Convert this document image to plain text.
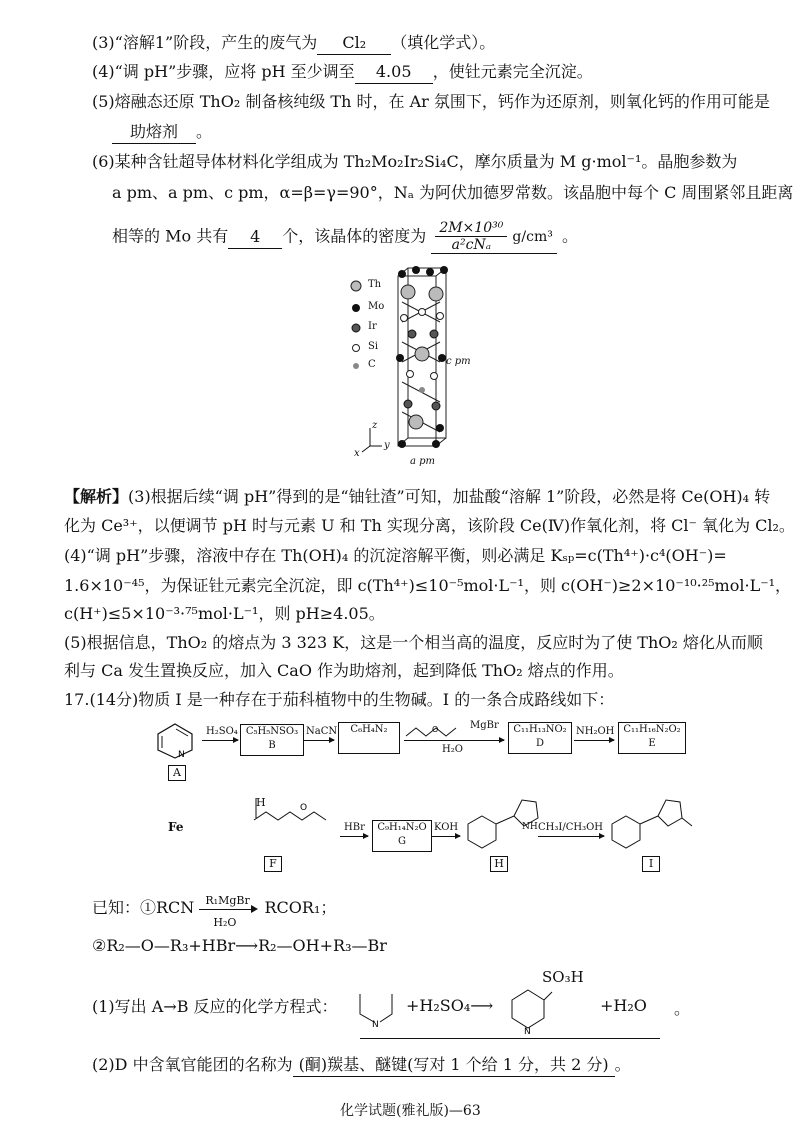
(3)“溶解1”阶段，产生的废气为 Cl₂ （填化学式）。
(4)“调 pH”步骤，应将 pH 至少调至 4.05 ，使钍元素完全沉淀。
(5)熔融态还原 ThO₂ 制备核纯级 Th 时，在 Ar 氛围下，钙作为还原剂，则氧化钙的作用可能是
助熔剂 。
(6)某种含钍超导体材料化学组成为 Th₂Mo₂Ir₂Si₄C，摩尔质量为 M g·mol⁻¹。晶胞参数为
a pm、a pm、c pm，α=β=γ=90°，Nₐ 为阿伏加德罗常数。该晶胞中每个 C 周围紧邻且距离
相等的 Mo 共有 4 个，该晶体的密度为 $\frac{\text{2M×10³⁰}}{\text{a²cNₐ}} g/cm^3$ 。
Th
Mo
Ir
Si
C	c pm
a pm
z
y
x
【解析】(3)根据后续“调 pH”得到的是“铀钍渣”可知，加盐酸“溶解 1”阶段，必然是将 Ce(OH)₄ 转
化为 Ce³⁺，以便调节 pH 时与元素 U 和 Th 实现分离，该阶段 Ce(Ⅳ)作氧化剂，将 Cl⁻ 氧化为 Cl₂。
(4)“调 pH”步骤，溶液中存在 Th(OH)₄ 的沉淀溶解平衡，则必满足 Kₛₚ=c(Th⁴⁺)·c⁴(OH⁻)=
1.6×10⁻⁴⁵，为保证钍元素完全沉淀，即 c(Th⁴⁺)≤10⁻⁵mol·L⁻¹，则 c(OH⁻)≥2×10⁻¹⁰·²⁵mol·L⁻¹，
c(H⁺)≤5×10⁻³·⁷⁵mol·L⁻¹，则 pH≥4.05。
(5)根据信息，ThO₂ 的熔点为 3 323 K，这是一个相当高的温度，反应时为了使 ThO₂ 熔化从而顺
利与 Ca 发生置换反应，加入 CaO 作为助熔剂，起到降低 ThO₂ 熔点的作用。
17.(14分)物质 I 是一种存在于茄科植物中的生物碱。I 的一条合成路线如下：
N
A
H₂SO₄ C₅H₅NSO₃
B
NaCN	C₆H₄N₂	O	MgBr
H₂O
C₁₁H₁₃NO₂
D
NH₂OH C₁₁H₁₆N₂O₂
E
Fe
O
H
F
HBr	C₉H₁₄N₂O
G
KOH	NH
H
CH₃I/CH₃OH
I
已知：①RCN R₁MgBr
H₂O
RCOR₁；
②R₂—O—R₃+HBr⟶R₂—OH+R₃—Br
(1)写出 A→B 反应的化学方程式：
N
+H₂SO₄⟶
N
SO₃H
+H₂O 。
(2)D 中含氧官能团的名称为 (酮)羰基、醚键(写对 1 个给 1 分，共 2 分) 。
化学试题(雅礼版)—63
